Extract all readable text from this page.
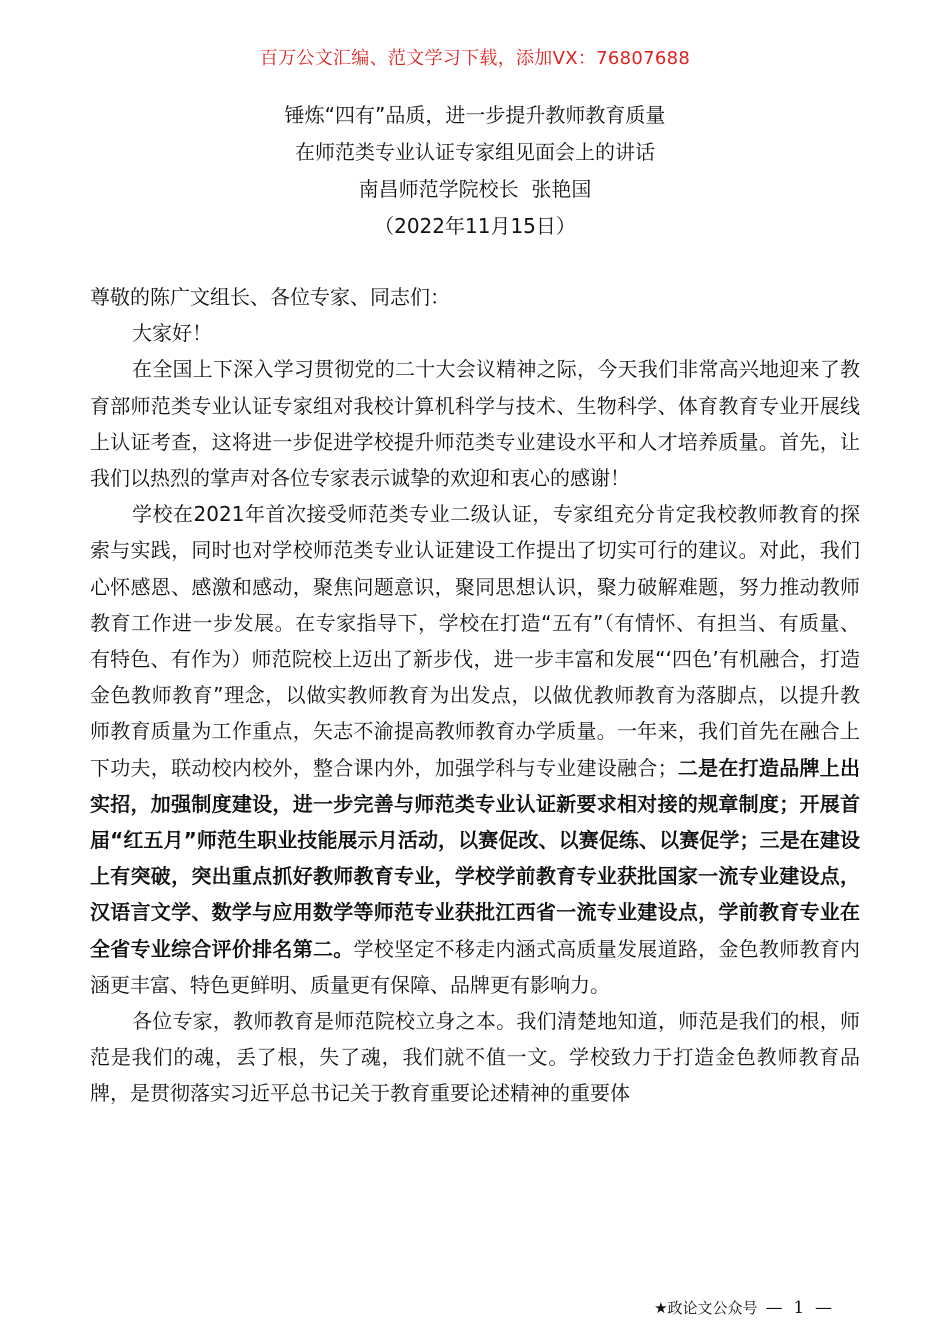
百万公文汇编、范文学习下载，添加VX：76807688
锤炼“四有”品质，进一步提升教师教育质量
在师范类专业认证专家组见面会上的讲话
南昌师范学院校长  张艳国
（2022年11月15日）

尊敬的陈广文组长、各位专家、同志们：

大家好！

在全国上下深入学习贯彻党的二十大会议精神之际，今天我们非常高兴地迎来了教育部师范类专业认证专家组对我校计算机科学与技术、生物科学、体育教育专业开展线上认证考查，这将进一步促进学校提升师范类专业建设水平和人才培养质量。首先，让我们以热烈的掌声对各位专家表示诚挚的欢迎和衷心的感谢！

学校在2021年首次接受师范类专业二级认证，专家组充分肯定我校教师教育的探索与实践，同时也对学校师范类专业认证建设工作提出了切实可行的建议。对此，我们心怀感恩、感激和感动，聚焦问题意识，聚同思想认识，聚力破解难题，努力推动教师教育工作进一步发展。在专家指导下，学校在打造“五有”（有情怀、有担当、有质量、有特色、有作为）师范院校上迈出了新步伐，进一步丰富和发展“‘四色’有机融合，打造金色教师教育”理念，以做实教师教育为出发点，以做优教师教育为落脚点，以提升教师教育质量为工作重点，矢志不渝提高教师教育办学质量。一年来，我们首先在融合上下功夫，联动校内校外，整合课内外，加强学科与专业建设融合；二是在打造品牌上出实招，加强制度建设，进一步完善与师范类专业认证新要求相对接的规章制度；开展首届“红五月”师范生职业技能展示月活动，以赛促改、以赛促练、以赛促学；三是在建设上有突破，突出重点抓好教师教育专业，学校学前教育专业获批国家一流专业建设点，汉语言文学、数学与应用数学等师范专业获批江西省一流专业建设点，学前教育专业在全省专业综合评价排名第二。学校坚定不移走内涵式高质量发展道路，金色教师教育内涵更丰富、特色更鲜明、质量更有保障、品牌更有影响力。

各位专家，教师教育是师范院校立身之本。我们清楚地知道，师范是我们的根，师范是我们的魂，丢了根，失了魂，我们就不值一文。学校致力于打造金色教师教育品牌，是贯彻落实习近平总书记关于教育重要论述精神的重要体

★政论文公众号 —  1  —
